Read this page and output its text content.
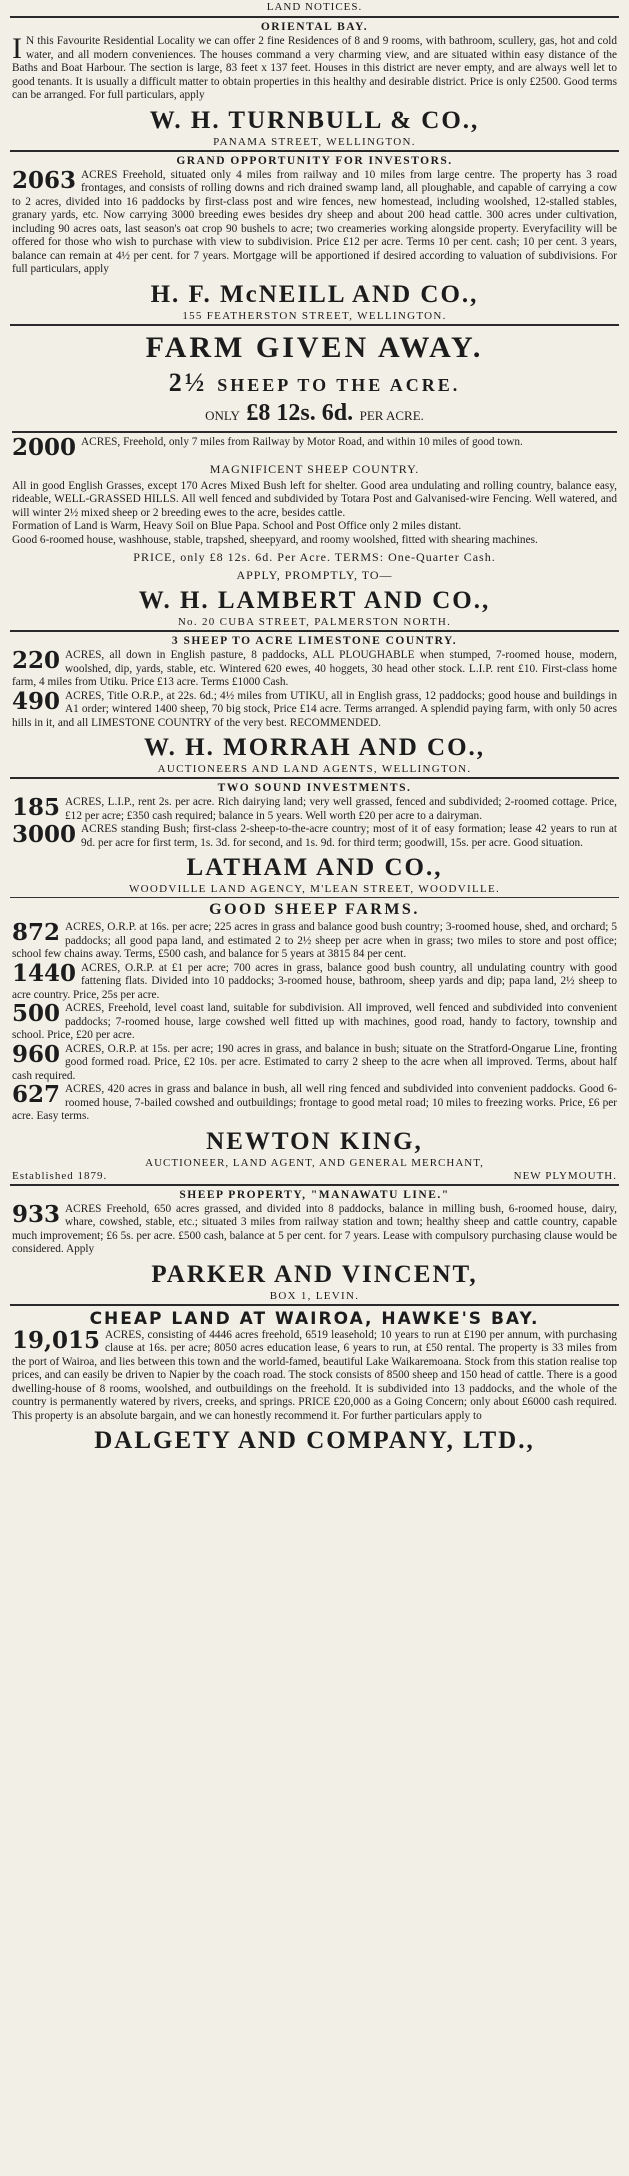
LAND NOTICES.
ORIENTAL BAY.

I N this Favourite Residential Locality we can offer 2 fine Residences of 8 and 9 rooms, with bathroom, scullery, gas, hot and cold water, and all modern conveniences. The houses command a very charming view, and are situated within easy distance of the Baths and Boat Harbour. The section is large, 83 feet x 137 feet. Houses in this district are never empty, and are always well let to good tenants. It is usually a difficult matter to obtain properties in this healthy and desirable district. Price is only £2500. Good terms can be arranged. For full particulars, apply

W. H. TURNBULL & CO.,
PANAMA STREET, WELLINGTON.
GRAND OPPORTUNITY FOR INVESTORS.

2063 ACRES Freehold, situated only 4 miles from railway and 10 miles from large centre. The property has 3 road frontages, and consists of rolling downs and rich drained swamp land, all ploughable, and capable of carrying a cow to 2 acres, divided into 16 paddocks by first-class post and wire fences, new homestead, including woolshed, 12-stalled stables, granary yards, etc. Now carrying 3000 breeding ewes besides dry sheep and about 200 head cattle. 300 acres under cultivation, including 90 acres oats, last season's oat crop 90 bushels to acre; two creameries working alongside property. Everyfacility will be offered for those who wish to purchase with view to subdivision. Price £12 per acre. Terms 10 per cent. cash; 10 per cent. 3 years, balance can remain at 4½ per cent. for 7 years. Mortgage will be apportioned if desired according to valuation of subdivisions. For full particulars, apply

H. F. McNEILL AND CO.,
155 FEATHERSTON STREET, WELLINGTON.
FARM GIVEN AWAY.
2½ SHEEP TO THE ACRE.
ONLY £8 12s. 6d. PER ACRE.

2000 ACRES, Freehold, only 7 miles from Railway by Motor Road, and within 10 miles of good town.

MAGNIFICENT SHEEP COUNTRY.

All in good English Grasses, except 170 Acres Mixed Bush left for shelter. Good area undulating and rolling country, balance easy, rideable, WELL-GRASSED HILLS. All well fenced and subdivided by Totara Post and Galvanised-wire Fencing. Well watered, and will winter 2½ mixed sheep or 2 breeding ewes to the acre, besides cattle.

Formation of Land is Warm, Heavy Soil on Blue Papa. School and Post Office only 2 miles distant.

Good 6-roomed house, washhouse, stable, trapshed, sheepyard, and roomy woolshed, fitted with shearing machines.

PRICE, only £8 12s. 6d. Per Acre. TERMS: One-Quarter Cash.
APPLY, PROMPTLY, TO—
W. H. LAMBERT AND CO.,
No. 20 CUBA STREET, PALMERSTON NORTH.
3 SHEEP TO ACRE LIMESTONE COUNTRY.

220 ACRES, all down in English pasture, 8 paddocks, ALL PLOUGHABLE when stumped, 7-roomed house, modern, woolshed, dip, yards, stable, etc. Wintered 620 ewes, 40 hoggets, 30 head other stock. L.I.P. rent £10. First-class home farm, 4 miles from Utiku. Price £13 acre. Terms £1000 Cash.

490 ACRES, Title O.R.P., at 22s. 6d.; 4½ miles from UTIKU, all in English grass, 12 paddocks; good house and buildings in A1 order; wintered 1400 sheep, 70 big stock, Price £14 acre. Terms arranged. A splendid paying farm, with only 50 acres hills in it, and all LIMESTONE COUNTRY of the very best. RECOMMENDED.

W. H. MORRAH AND CO.,
AUCTIONEERS AND LAND AGENTS, WELLINGTON.
TWO SOUND INVESTMENTS.

185 ACRES, L.I.P., rent 2s. per acre. Rich dairying land; very well grassed, fenced and subdivided; 2-roomed cottage. Price, £12 per acre; £350 cash required; balance in 5 years. Well worth £20 per acre to a dairyman.

3000 ACRES standing Bush; first-class 2-sheep-to-the-acre country; most of it of easy formation; lease 42 years to run at 9d. per acre for first term, 1s. 3d. for second, and 1s. 9d. for third term; goodwill, 15s. per acre. Good situation.

LATHAM AND CO.,
WOODVILLE LAND AGENCY, M'LEAN STREET, WOODVILLE.
GOOD SHEEP FARMS.

872 ACRES, O.R.P. at 16s. per acre; 225 acres in grass and balance good bush country; 3-roomed house, shed, and orchard; 5 paddocks; all good papa land, and estimated 2 to 2½ sheep per acre when in grass; two miles to store and post office; school few chains away. Terms, £500 cash, and balance for 5 years at 3815 84 per cent.

1440 ACRES, O.R.P. at £1 per acre; 700 acres in grass, balance good bush country, all undulating country with good fattening flats. Divided into 10 paddocks; 3-roomed house, bathroom, sheep yards and dip; papa land, 2½ sheep to acre country. Price, 25s per acre.

500 ACRES, Freehold, level coast land, suitable for subdivision. All improved, well fenced and subdivided into convenient paddocks; 7-roomed house, large cowshed well fitted up with machines, good road, handy to factory, township and school. Price, £20 per acre.

960 ACRES, O.R.P. at 15s. per acre; 190 acres in grass, and balance in bush; situate on the Stratford-Ongarue Line, fronting good formed road. Price, £2 10s. per acre. Estimated to carry 2 sheep to the acre when all improved. Terms, about half cash required.

627 ACRES, 420 acres in grass and balance in bush, all well ring fenced and subdivided into convenient paddocks. Good 6-roomed house, 7-bailed cowshed and outbuildings; frontage to good metal road; 10 miles to freezing works. Price, £6 per acre. Easy terms.

NEWTON KING,
AUCTIONEER, LAND AGENT, AND GENERAL MERCHANT,
Established 1879.	NEW PLYMOUTH.
SHEEP PROPERTY, "MANAWATU LINE."

933 ACRES Freehold, 650 acres grassed, and divided into 8 paddocks, balance in milling bush, 6-roomed house, dairy, whare, cowshed, stable, etc.; situated 3 miles from railway station and town; healthy sheep and cattle country, capable much improvement; £6 5s. per acre. £500 cash, balance at 5 per cent. for 7 years. Lease with compulsory purchasing clause would be considered. Apply

PARKER AND VINCENT,
BOX 1, LEVIN.
CHEAP LAND AT WAIROA, HAWKE'S BAY.

19,015 ACRES, consisting of 4446 acres freehold, 6519 leasehold; 10 years to run at £190 per annum, with purchasing clause at 16s. per acre; 8050 acres education lease, 6 years to run, at £50 rental. The property is 33 miles from the port of Wairoa, and lies between this town and the world-famed, beautiful Lake Waikaremoana. Stock from this station realise top prices, and can easily be driven to Napier by the coach road. The stock consists of 8500 sheep and 150 head of cattle. There is a good dwelling-house of 8 rooms, woolshed, and outbuildings on the freehold. It is subdivided into 13 paddocks, and the whole of the country is permanently watered by rivers, creeks, and springs. PRICE £20,000 as a Going Concern; only about £6000 cash required. This property is an absolute bargain, and we can honestly recommend it. For further particulars apply to

DALGETY AND COMPANY, LTD.,
